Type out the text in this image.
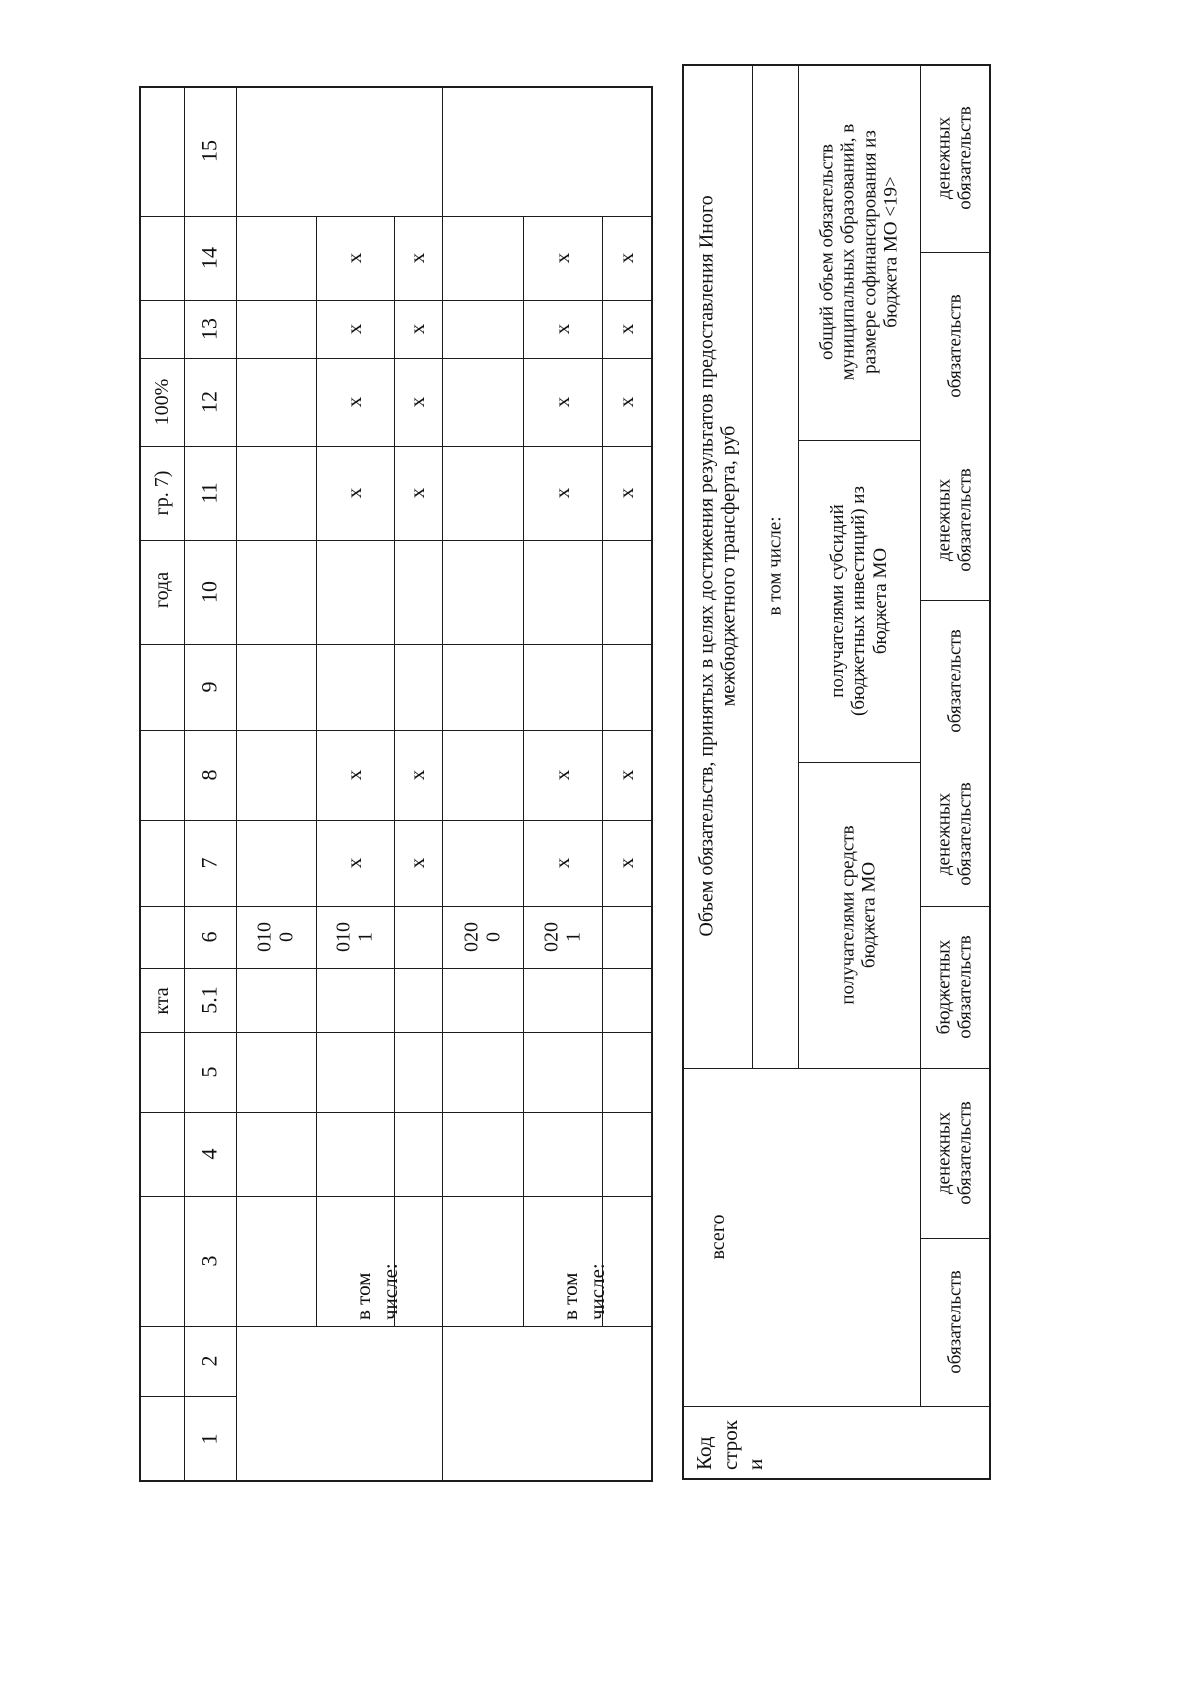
кта
года
гр. 7)
100%
1
2
3
4
5
5.1
6
7
8
9
10
11
12
13
14
15
010
0 010
1	020
0 020
1
в том
числе:	в том
числе:
x
x
x
x
x
x
x
x
x
x
x
x
x
x
x
x
x
x
x
x
x
x
x
x
Код
строк
и
всего
Объем обязательств, принятых в целях достижения результатов предоставления Иного
межбюджетного трансферта, руб
в том числе:
получателями средств
бюджета МО
получателями субсидий
(бюджетных инвестиций) из
бюджета МО
общий объем обязательств
муниципальных образований, в
размере софинансирования из
бюджета МО <19>
обязательств
денежных
обязательств
бюджетных
обязательств
денежных
обязательств
обязательств
денежных
обязательств
обязательств
денежных
обязательств
